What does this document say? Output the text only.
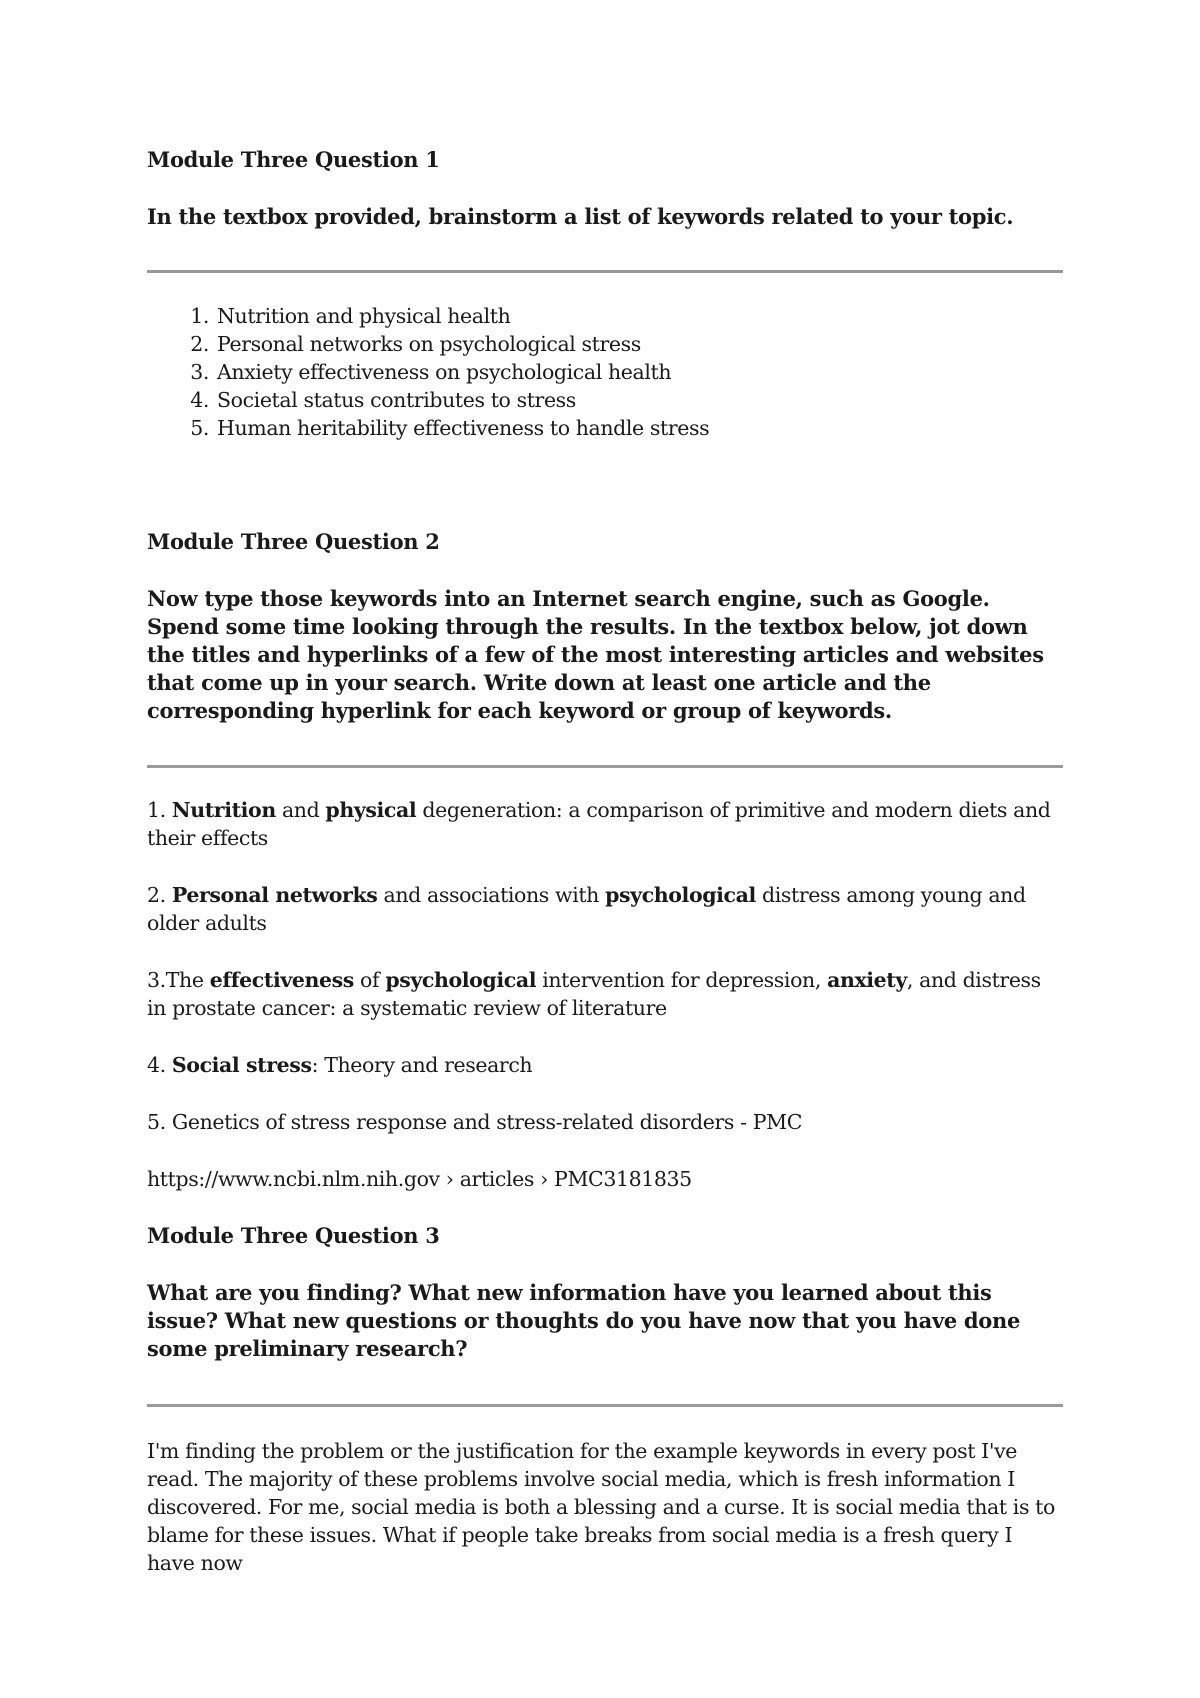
Module Three Question 1
In the textbox provided, brainstorm a list of keywords related to your topic.
1. Nutrition and physical health
2. Personal networks on psychological stress
3. Anxiety effectiveness on psychological health
4. Societal status contributes to stress
5. Human heritability effectiveness to handle stress
Module Three Question 2
Now type those keywords into an Internet search engine, such as Google. Spend some time looking through the results. In the textbox below, jot down the titles and hyperlinks of a few of the most interesting articles and websites that come up in your search. Write down at least one article and the corresponding hyperlink for each keyword or group of keywords.
1. Nutrition and physical degeneration: a comparison of primitive and modern diets and their effects
2. Personal networks and associations with psychological distress among young and older adults
3.The effectiveness of psychological intervention for depression, anxiety, and distress in prostate cancer: a systematic review of literature
4. Social stress: Theory and research
5. Genetics of stress response and stress-related disorders - PMC
https://www.ncbi.nlm.nih.gov › articles › PMC3181835
Module Three Question 3
What are you finding? What new information have you learned about this issue? What new questions or thoughts do you have now that you have done some preliminary research?
I'm finding the problem or the justification for the example keywords in every post I've read. The majority of these problems involve social media, which is fresh information I discovered. For me, social media is both a blessing and a curse. It is social media that is to blame for these issues. What if people take breaks from social media is a fresh query I have now
